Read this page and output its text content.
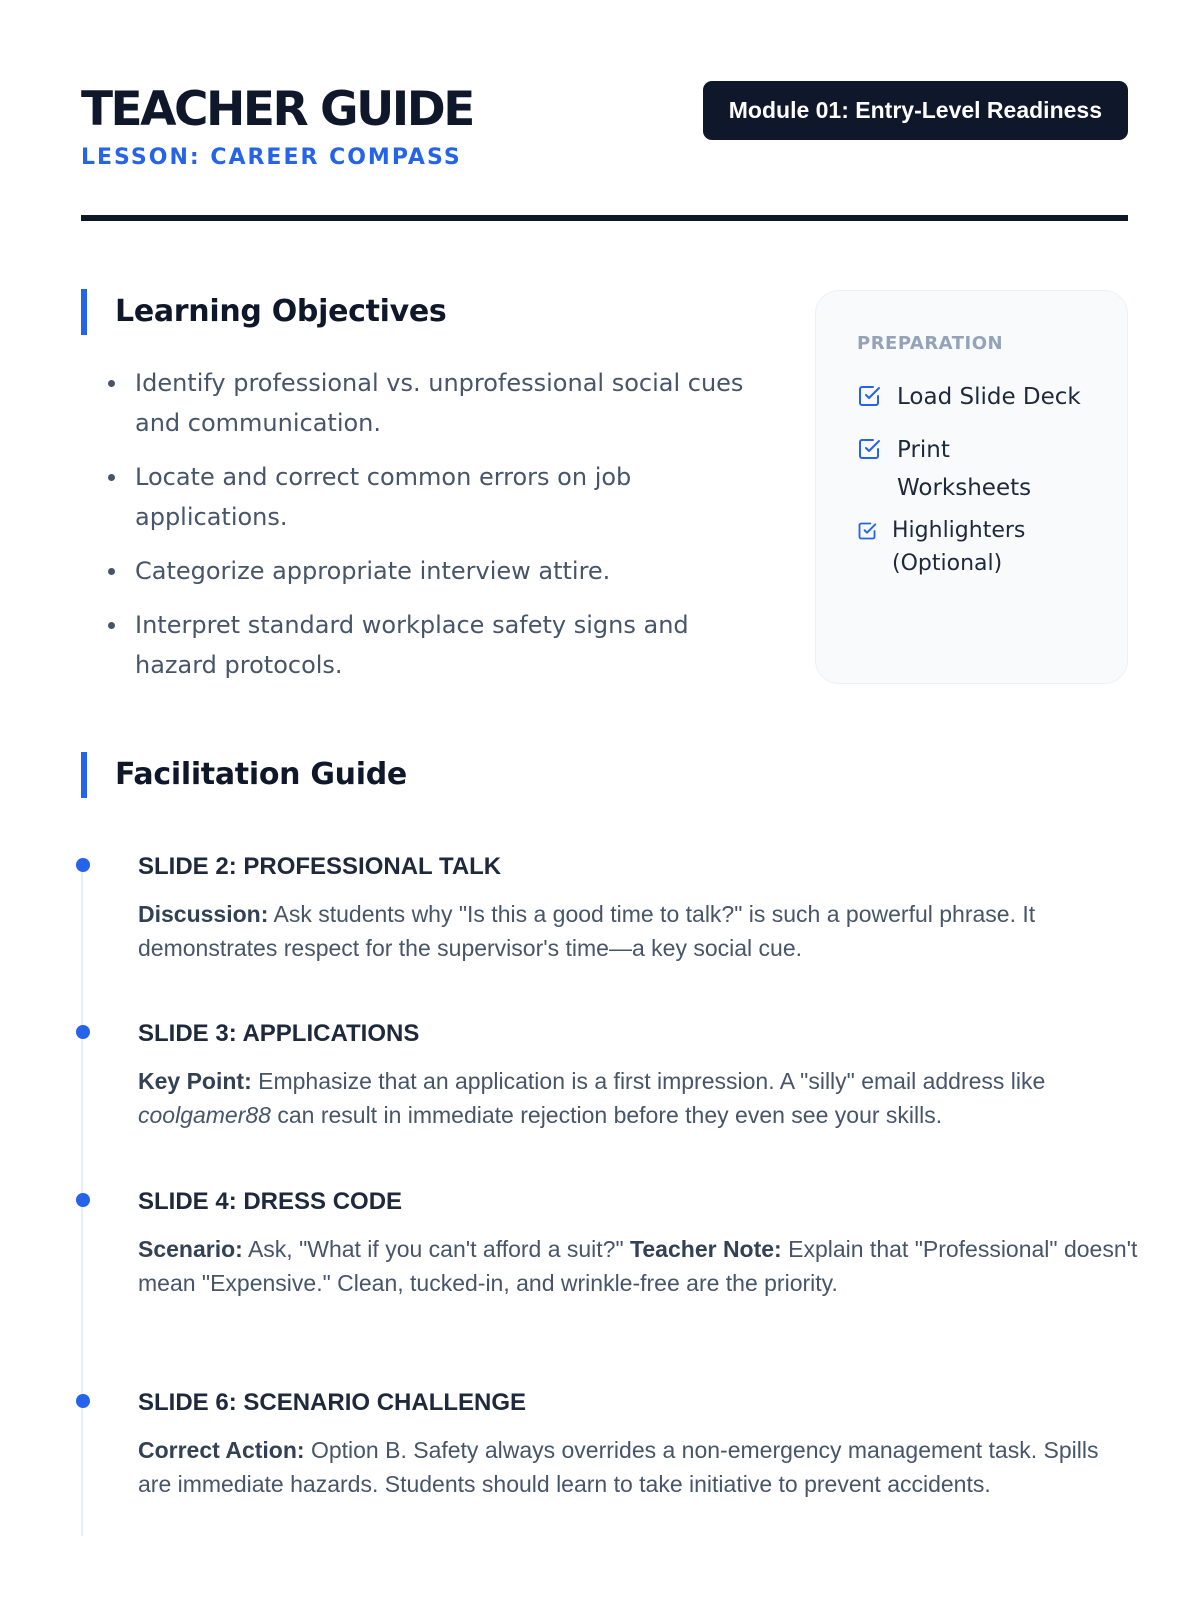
TEACHER GUIDE
LESSON: CAREER COMPASS
Module 01: Entry-Level Readiness
Learning Objectives
Identify professional vs. unprofessional social cues and communication.
Locate and correct common errors on job applications.
Categorize appropriate interview attire.
Interpret standard workplace safety signs and hazard protocols.
PREPARATION
Load Slide Deck
Print
Worksheets
Highlighters
(Optional)
Facilitation Guide
SLIDE 2: PROFESSIONAL TALK
Discussion: Ask students why "Is this a good time to talk?" is such a powerful phrase. It demonstrates respect for the supervisor's time—a key social cue.
SLIDE 3: APPLICATIONS
Key Point: Emphasize that an application is a first impression. A "silly" email address like coolgamer88 can result in immediate rejection before they even see your skills.
SLIDE 4: DRESS CODE
Scenario: Ask, "What if you can't afford a suit?" Teacher Note: Explain that "Professional" doesn't mean "Expensive." Clean, tucked-in, and wrinkle-free are the priority.
SLIDE 6: SCENARIO CHALLENGE
Correct Action: Option B. Safety always overrides a non-emergency management task. Spills are immediate hazards. Students should learn to take initiative to prevent accidents.
